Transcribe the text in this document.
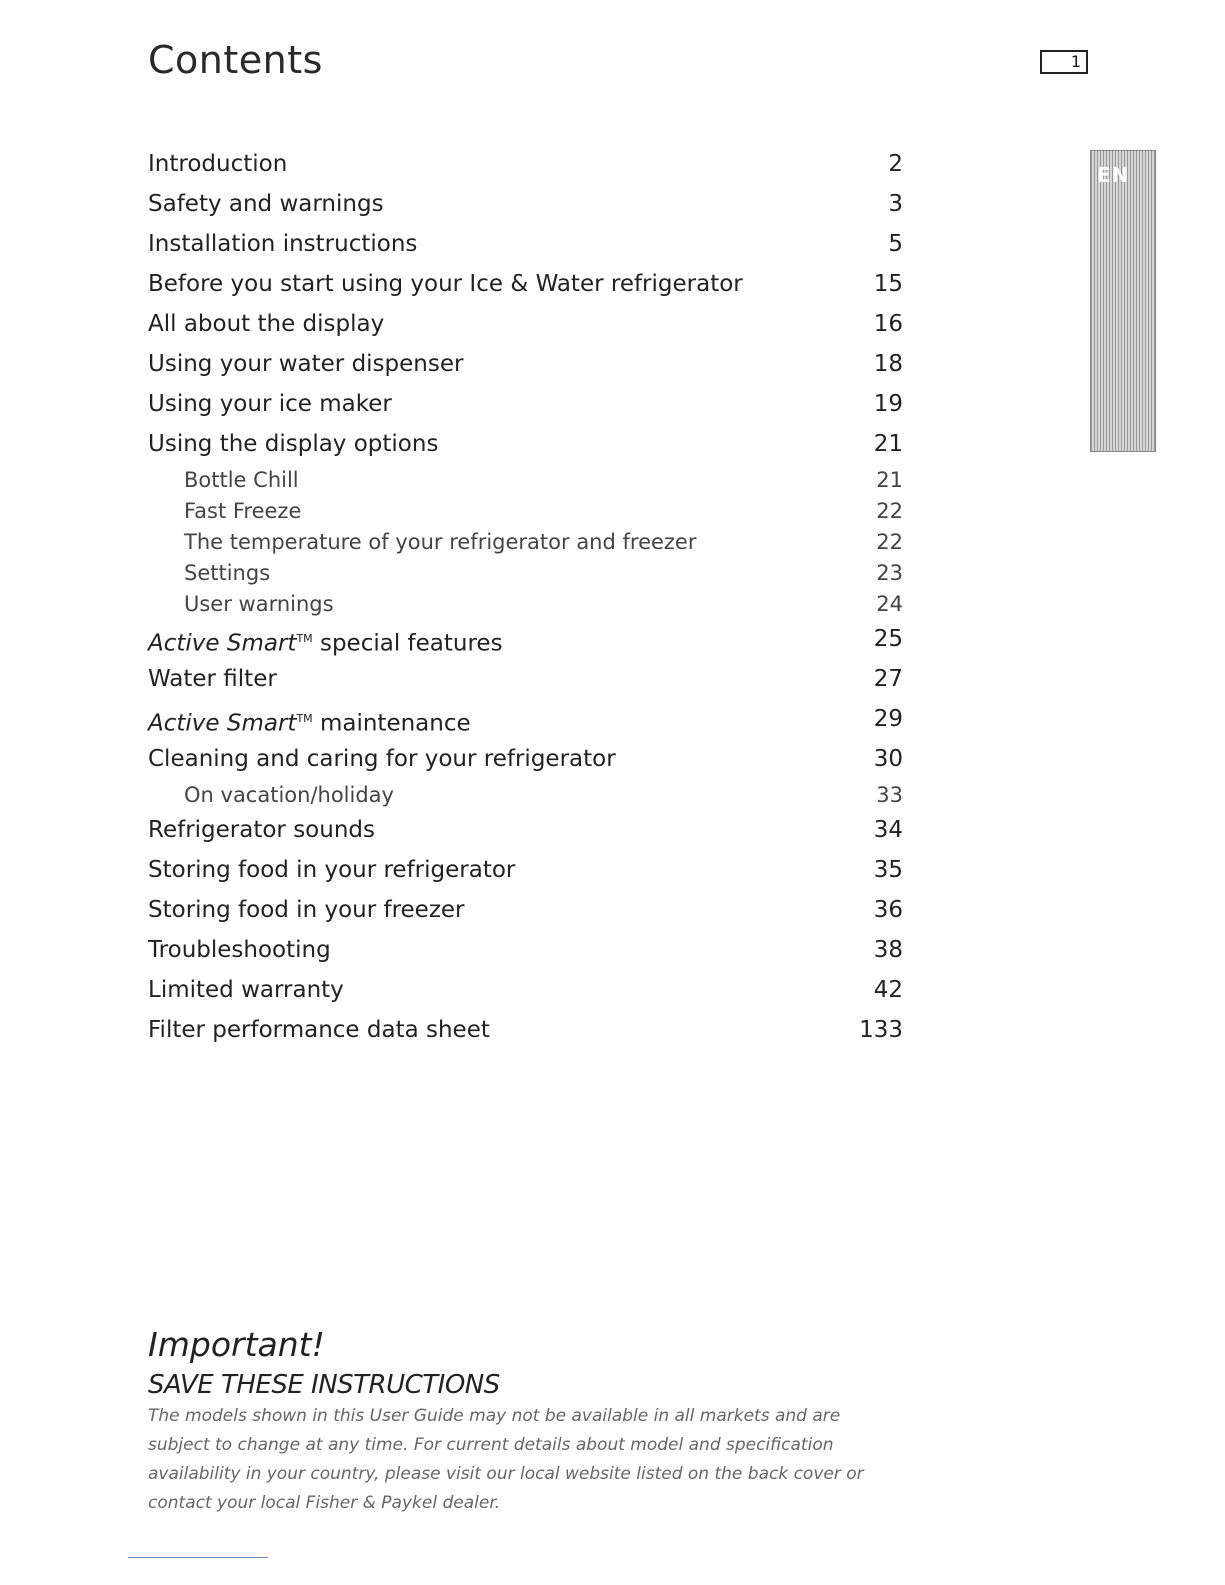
Contents	1
EN
Introduction	2
Safety and warnings	3
Installation instructions	5
Before you start using your Ice & Water refrigerator	15
All about the display	16
Using your water dispenser	18
Using your ice maker	19
Using the display options	21
Bottle Chill	21
Fast Freeze	22
The temperature of your refrigerator and freezer	22
Settings	23
User warnings	24
Active Smart™ special features	25
Water filter	27
Active Smart™ maintenance	29
Cleaning and caring for your refrigerator	30
On vacation/holiday	33
Refrigerator sounds	34
Storing food in your refrigerator	35
Storing food in your freezer	36
Troubleshooting	38
Limited warranty	42
Filter performance data sheet	133
Important!
SAVE THESE INSTRUCTIONS
The models shown in this User Guide may not be available in all markets and are subject to change at any time. For current details about model and specification availability in your country, please visit our local website listed on the back cover or contact your local Fisher & Paykel dealer.
